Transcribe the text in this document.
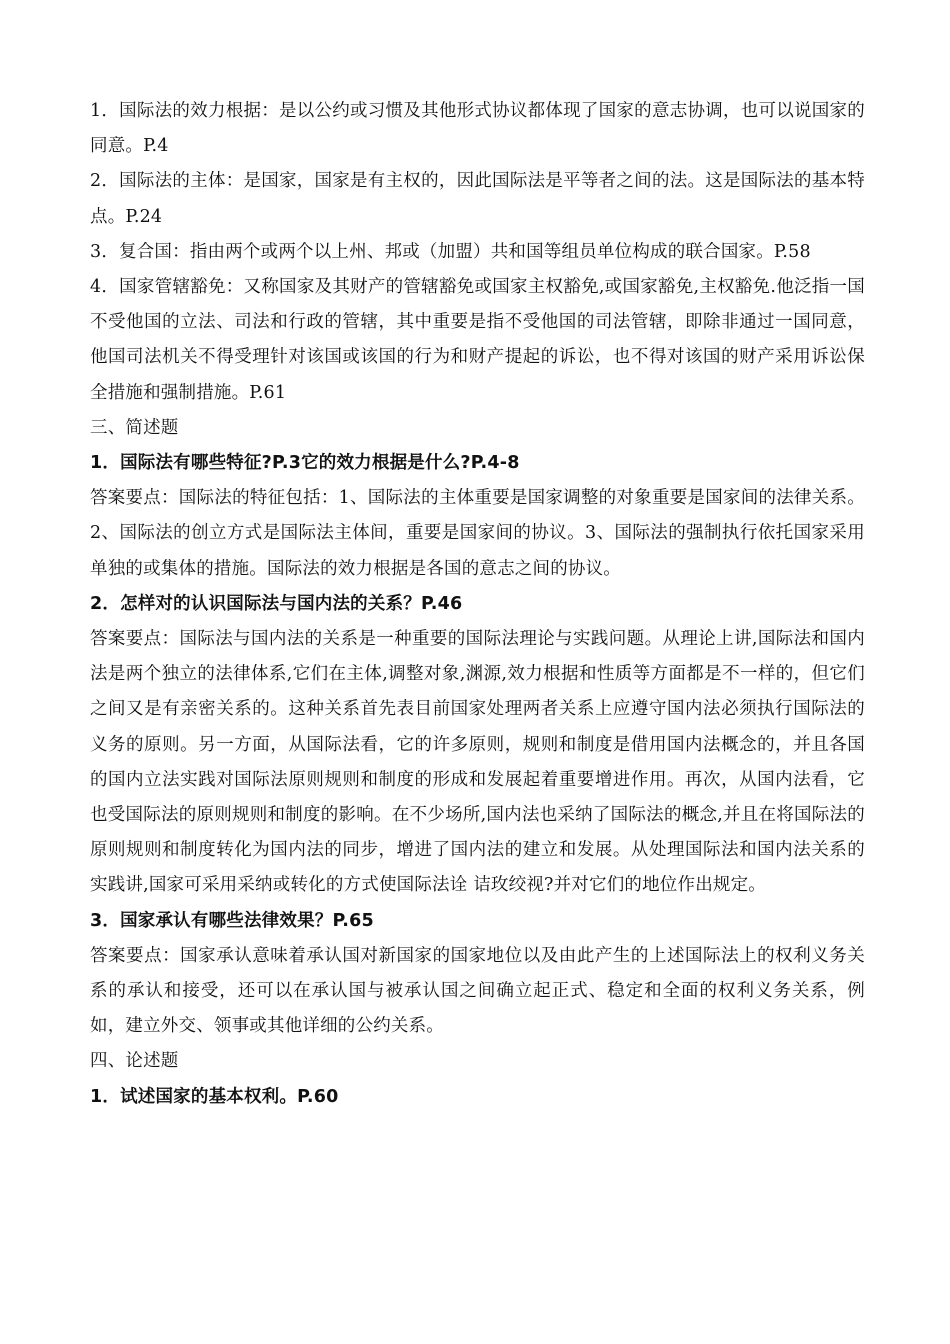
1．国际法的效力根据：是以公约或习惯及其他形式协议都体现了国家的意志协调，也可以说国家的同意。P.4

2．国际法的主体：是国家，国家是有主权的，因此国际法是平等者之间的法。这是国际法的基本特点。P.24

3．复合国：指由两个或两个以上州、邦或（加盟）共和国等组员单位构成的联合国家。P.58

4．国家管辖豁免：又称国家及其财产的管辖豁免或国家主权豁免,或国家豁免,主权豁免.他泛指一国不受他国的立法、司法和行政的管辖，其中重要是指不受他国的司法管辖，即除非通过一国同意，他国司法机关不得受理针对该国或该国的行为和财产提起的诉讼，也不得对该国的财产采用诉讼保全措施和强制措施。P.61

三、简述题

1．国际法有哪些特征?P.3它的效力根据是什么?P.4-8

答案要点：国际法的特征包括：1、国际法的主体重要是国家调整的对象重要是国家间的法律关系。2、国际法的创立方式是国际法主体间，重要是国家间的协议。3、国际法的强制执行依托国家采用单独的或集体的措施。国际法的效力根据是各国的意志之间的协议。

2．怎样对的认识国际法与国内法的关系？P.46

答案要点：国际法与国内法的关系是一种重要的国际法理论与实践问题。从理论上讲,国际法和国内法是两个独立的法律体系,它们在主体,调整对象,渊源,效力根据和性质等方面都是不一样的，但它们之间又是有亲密关系的。这种关系首先表目前国家处理两者关系上应遵守国内法必须执行国际法的义务的原则。另一方面，从国际法看，它的许多原则，规则和制度是借用国内法概念的，并且各国的国内立法实践对国际法原则规则和制度的形成和发展起着重要增进作用。再次，从国内法看，它也受国际法的原则规则和制度的影响。在不少场所,国内法也采纳了国际法的概念,并且在将国际法的原则规则和制度转化为国内法的同步，增进了国内法的建立和发展。从处理国际法和国内法关系的实践讲,国家可采用采纳或转化的方式使国际法诠 诘玫绞视?并对它们的地位作出规定。

3．国家承认有哪些法律效果？P.65

答案要点：国家承认意味着承认国对新国家的国家地位以及由此产生的上述国际法上的权利义务关系的承认和接受，还可以在承认国与被承认国之间确立起正式、稳定和全面的权利义务关系，例如，建立外交、领事或其他详细的公约关系。

四、论述题

1．试述国家的基本权利。P.60
